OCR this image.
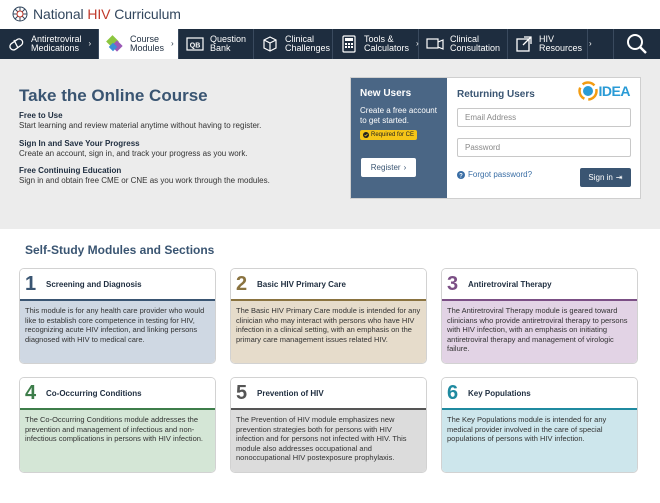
National HIV Curriculum
Antiretroviral
Medications	›
Course
Modules › QB
Question
Bank
Clinical
Challenges
Tools &
Calculators ›
Clinical
Consultation
HIV
Resources ›
Take the Online Course
Free to Use
Start learning and review material anytime without having to register.
Sign In and Save Your Progress
Create an account, sign in, and track your progress as you work.
Free Continuing Education
Sign in and obtain free CME or CNE as you work through the modules.
New Users

Create a free account to get started.

Required for CE
Register ›
Returning Users	IDEA
Email Address
? Forgot password?	Sign in ⇥
Self-Study Modules and Sections
1 Screening and Diagnosis
This module is for any health care provider who would like to establish core competence in testing for HIV, recognizing acute HIV infection, and linking persons diagnosed with HIV to medical care.
2 Basic HIV Primary Care
The Basic HIV Primary Care module is intended for any clinician who may interact with persons who have HIV infection in a clinical setting, with an emphasis on the primary care management issues related HIV.
3 Antiretroviral Therapy
The Antiretroviral Therapy module is geared toward clinicians who provide antiretroviral therapy to persons with HIV infection, with an emphasis on initiating antiretroviral therapy and management of virologic failure.
4 Co-Occurring Conditions
The Co-Occurring Conditions module addresses the prevention and management of infectious and non-infectious complications in persons with HIV infection.
5 Prevention of HIV
The Prevention of HIV module emphasizes new prevention strategies both for persons with HIV infection and for persons not infected with HIV. This module also addresses occupational and nonoccupational HIV postexposure prophylaxis.
6 Key Populations
The Key Populations module is intended for any medical provider involved in the care of special populations of persons with HIV infection.
